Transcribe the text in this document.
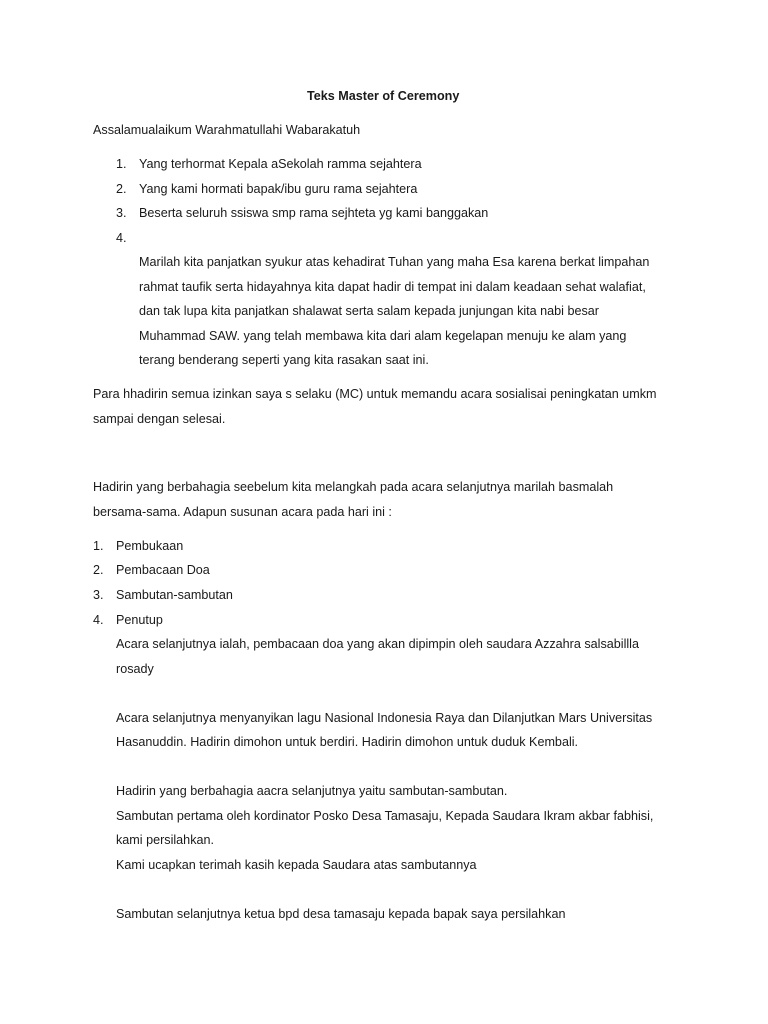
Teks Master of Ceremony
Assalamualaikum Warahmatullahi Wabarakatuh
1. Yang terhormat Kepala aSekolah ramma sejahtera
2. Yang kami hormati bapak/ibu guru rama sejahtera
3. Beserta seluruh ssiswa smp rama sejhteta yg kami banggakan
4.
Marilah kita panjatkan syukur atas kehadirat Tuhan yang maha Esa karena berkat limpahan
rahmat taufik serta hidayahnya kita dapat hadir di tempat ini dalam keadaan sehat walafiat,
dan tak lupa kita panjatkan shalawat serta salam kepada junjungan kita nabi besar
Muhammad SAW. yang telah membawa kita dari alam kegelapan menuju ke alam yang
terang benderang seperti yang kita rasakan saat ini.
Para hhadirin semua izinkan saya s selaku (MC) untuk memandu acara sosialisai peningkatan umkm
sampai dengan selesai.
Hadirin yang berbahagia seebelum kita melangkah pada acara selanjutnya marilah basmalah
bersama-sama. Adapun susunan acara pada hari ini :
1. Pembukaan
2. Pembacaan Doa
3. Sambutan-sambutan
4. Penutup
Acara selanjutnya ialah, pembacaan doa yang akan dipimpin oleh saudara Azzahra salsabillla
rosady
Acara selanjutnya menyanyikan lagu Nasional Indonesia Raya dan Dilanjutkan Mars Universitas
Hasanuddin. Hadirin dimohon untuk berdiri. Hadirin dimohon untuk duduk Kembali.
Hadirin yang berbahagia aacra selanjutnya yaitu sambutan-sambutan.
Sambutan pertama oleh kordinator Posko Desa Tamasaju, Kepada Saudara Ikram akbar fabhisi,
kami persilahkan.
Kami ucapkan terimah kasih kepada Saudara atas sambutannya
Sambutan selanjutnya ketua bpd desa tamasaju kepada bapak saya persilahkan
